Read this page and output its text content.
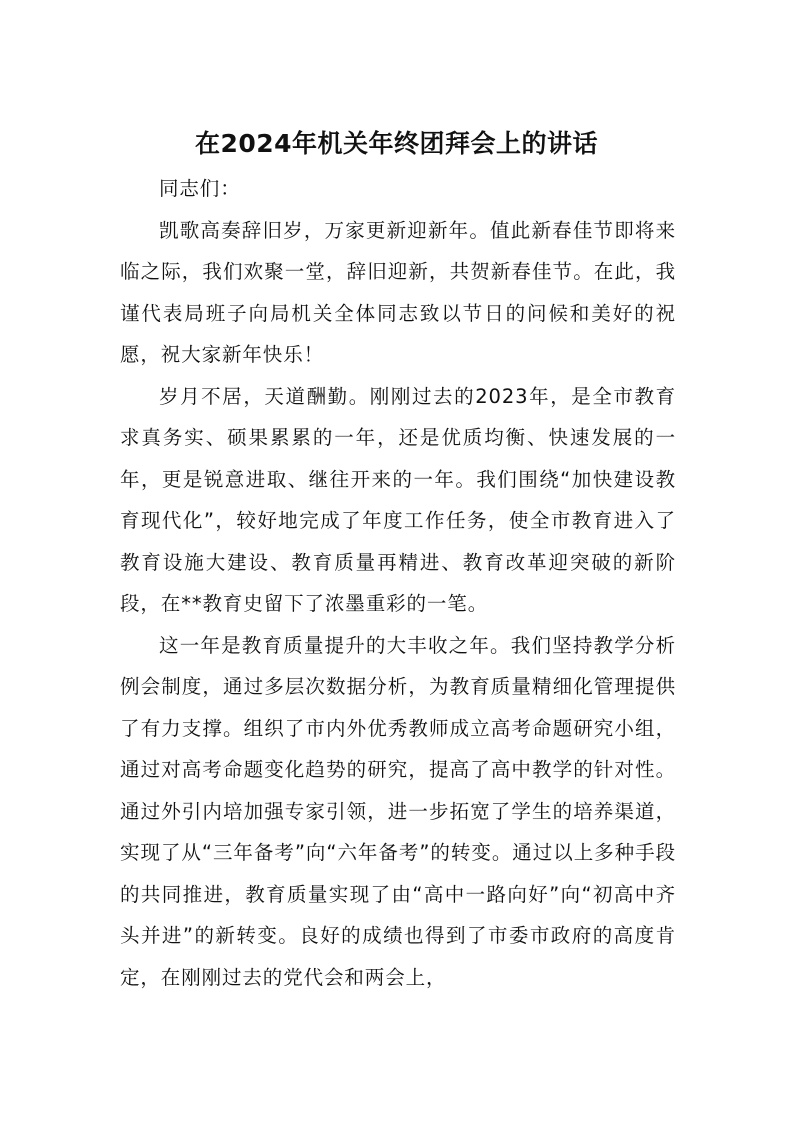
在2024年机关年终团拜会上的讲话

同志们：

凯歌高奏辞旧岁，万家更新迎新年。值此新春佳节即将来临之际，我们欢聚一堂，辞旧迎新，共贺新春佳节。在此，我谨代表局班子向局机关全体同志致以节日的问候和美好的祝愿，祝大家新年快乐！

岁月不居，天道酬勤。刚刚过去的2023年，是全市教育求真务实、硕果累累的一年，还是优质均衡、快速发展的一年，更是锐意进取、继往开来的一年。我们围绕“加快建设教育现代化”，较好地完成了年度工作任务，使全市教育进入了教育设施大建设、教育质量再精进、教育改革迎突破的新阶段，在**教育史留下了浓墨重彩的一笔。

这一年是教育质量提升的大丰收之年。我们坚持教学分析例会制度，通过多层次数据分析，为教育质量精细化管理提供了有力支撑。组织了市内外优秀教师成立高考命题研究小组，通过对高考命题变化趋势的研究，提高了高中教学的针对性。通过外引内培加强专家引领，进一步拓宽了学生的培养渠道，实现了从“三年备考”向“六年备考”的转变。通过以上多种手段的共同推进，教育质量实现了由“高中一路向好”向“初高中齐头并进”的新转变。良好的成绩也得到了市委市政府的高度肯定，在刚刚过去的党代会和两会上，
